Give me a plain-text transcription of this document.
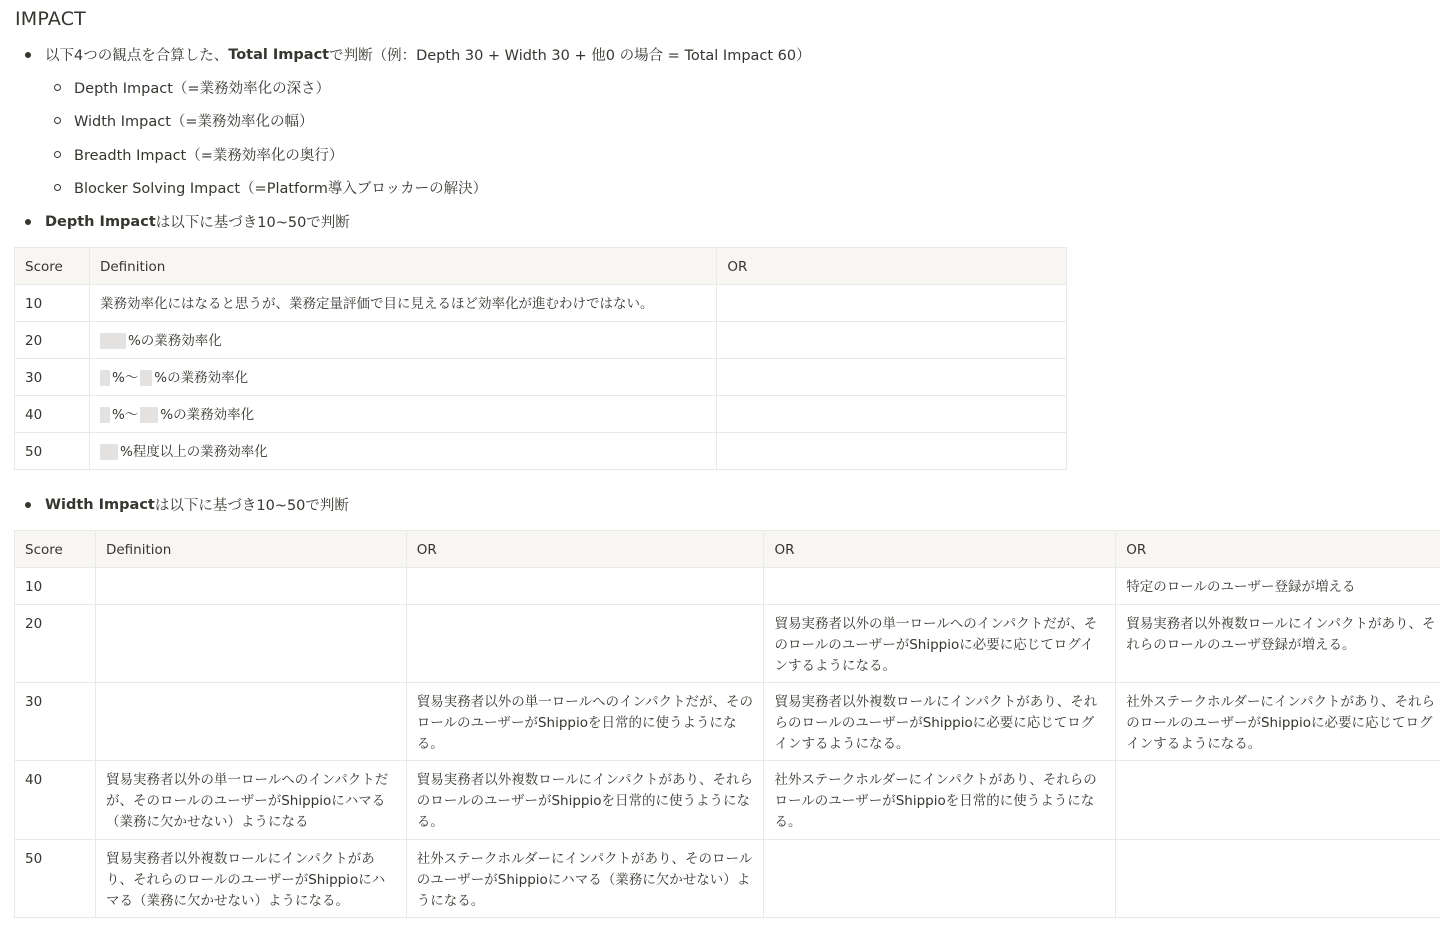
IMPACT
以下4つの観点を合算した、 Total Impact で判断（例：Depth 30 + Width 30 + 他0 の場合 = Total Impact 60）
Depth Impact（=業務効率化の深さ）
Width Impact（=業務効率化の幅）
Breadth Impact（=業務効率化の奥行）
Blocker Solving Impact（=Platform導入ブロッカーの解決）
Depth Impact は以下に基づき10~50で判断
Score	Definition	OR
10	業務効率化にはなると思うが、業務定量評価で目に見えるほど効率化が進むわけではない。	
20	%の業務効率化	
30	%〜 %の業務効率化	
40	%〜 %の業務効率化	
50	%程度以上の業務効率化	
Width Impact は以下に基づき10~50で判断
Score	Definition	OR	OR	OR
10				特定のロールのユーザー登録が増える
20			貿易実務者以外の単一ロールへのインパクトだが、そのロールのユーザーがShippioに必要に応じてログインするようになる。	貿易実務者以外複数ロールにインパクトがあり、それらのロールのユーザ登録が増える。
30		貿易実務者以外の単一ロールへのインパクトだが、そのロールのユーザーがShippioを日常的に使うようになる。	貿易実務者以外複数ロールにインパクトがあり、それらのロールのユーザーがShippioに必要に応じてログインするようになる。	社外ステークホルダーにインパクトがあり、それらのロールのユーザーがShippioに必要に応じてログインするようになる。
40	貿易実務者以外の単一ロールへのインパクトだが、そのロールのユーザーがShippioにハマる（業務に欠かせない）ようになる	貿易実務者以外複数ロールにインパクトがあり、それらのロールのユーザーがShippioを日常的に使うようになる。	社外ステークホルダーにインパクトがあり、それらのロールのユーザーがShippioを日常的に使うようになる。	
50	貿易実務者以外複数ロールにインパクトがあり、それらのロールのユーザーがShippioにハマる（業務に欠かせない）ようになる。	社外ステークホルダーにインパクトがあり、そのロールのユーザーがShippioにハマる（業務に欠かせない）ようになる。		
